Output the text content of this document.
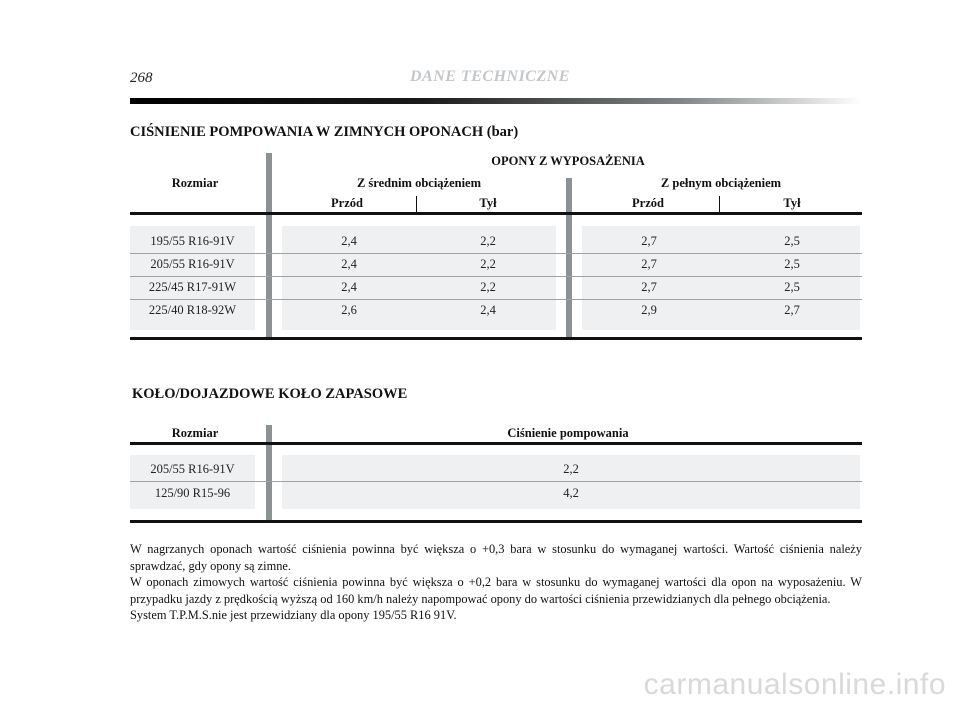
268	DANE TECHNICZNE
CIŚNIENIE POMPOWANIA W ZIMNYCH OPONACH (bar)
Rozmiar
OPONY Z WYPOSAŻENIA
Z średnim obciążeniem	Z pełnym obciążeniem
Przód	Tył	Przód	Tył
195/55 R16-91V	2,4	2,2	2,7	2,5
205/55 R16-91V	2,4	2,2	2,7	2,5
225/45 R17-91W	2,4	2,2	2,7	2,5
225/40 R18-92W	2,6	2,4	2,9	2,7
KOŁO/DOJAZDOWE KOŁO ZAPASOWE
Rozmiar	Ciśnienie pompowania
205/55 R16-91V	2,2
125/90 R15-96	4,2

W nagrzanych oponach wartość ciśnienia powinna być większa o +0,3 bara w stosunku do wymaganej wartości. Wartość ciśnienia należy sprawdzać, gdy opony są zimne.

W oponach zimowych wartość ciśnienia powinna być większa o +0,2 bara w stosunku do wymaganej wartości dla opon na wyposażeniu. W przypadku jazdy z prędkością wyższą od 160 km/h należy napompować opony do wartości ciśnienia przewidzianych dla pełnego obciążenia.

System T.P.M.S.nie jest przewidziany dla opony 195/55 R16 91V.

carmanualsonline.info
